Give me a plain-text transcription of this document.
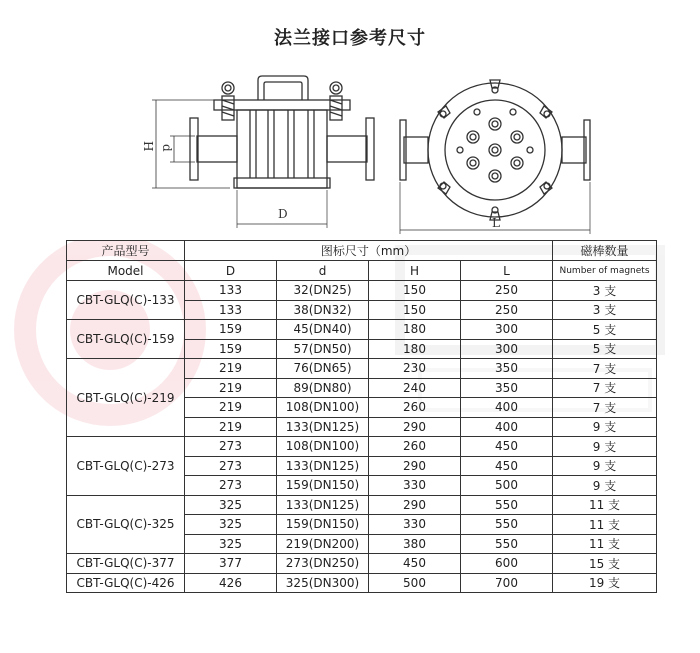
法兰接口参考尺寸
H d
D
L
产品型号	图标尺寸（mm）				磁棒数量
Model	D	d	H	L	Number of magnets
CBT-GLQ(C)-133	133	32(DN25)	150	250	3 支
	133	38(DN32)	150	250	3 支
CBT-GLQ(C)-159	159	45(DN40)	180	300	5 支
	159	57(DN50)	180	300	5 支
CBT-GLQ(C)-219	219	76(DN65)	230	350	7 支
	219	89(DN80)	240	350	7 支
	219	108(DN100)	260	400	7 支
	219	133(DN125)	290	400	9 支
CBT-GLQ(C)-273	273	108(DN100)	260	450	9 支
	273	133(DN125)	290	450	9 支
	273	159(DN150)	330	500	9 支
CBT-GLQ(C)-325	325	133(DN125)	290	550	11 支
	325	159(DN150)	330	550	11 支
	325	219(DN200)	380	550	11 支
CBT-GLQ(C)-377	377	273(DN250)	450	600	15 支
CBT-GLQ(C)-426	426	325(DN300)	500	700	19 支
